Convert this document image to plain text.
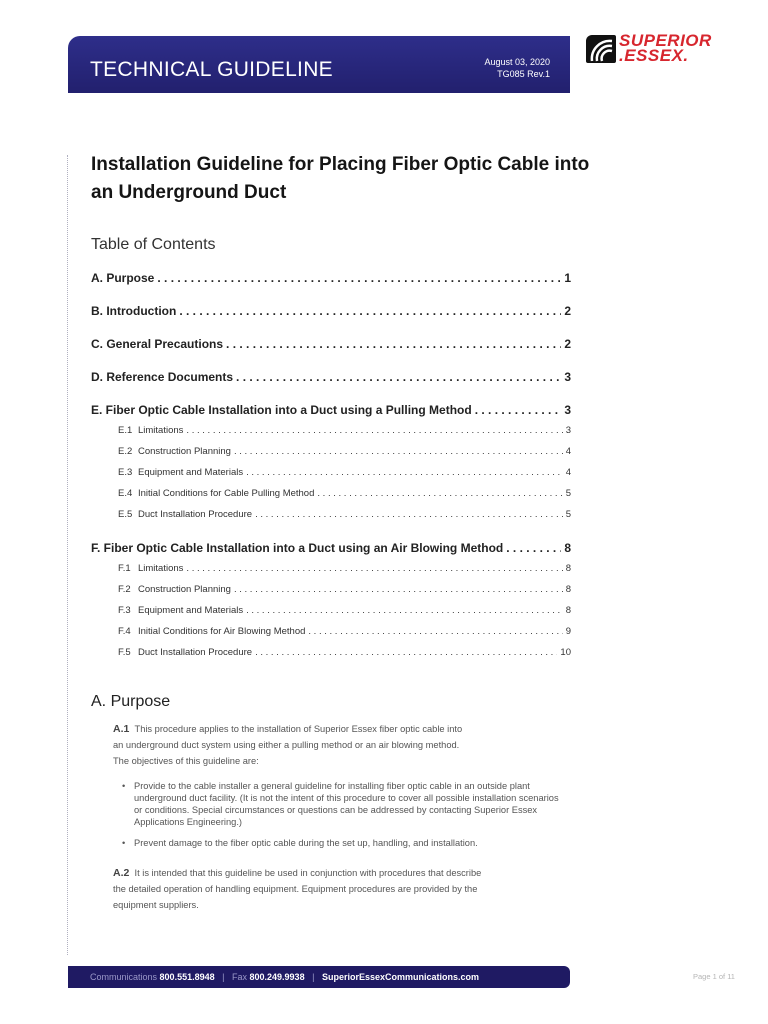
TECHNICAL GUIDELINE	August 03, 2020
TG085 Rev.1
SUPERIOR
.ESSEX.
Installation Guideline for Placing Fiber Optic Cable into an Underground Duct
Table of Contents
A. Purpose . . .	1
B. Introduction . . .	2
C. General Precautions . . .	2
D. Reference Documents . . .	3
E. Fiber Optic Cable Installation into a Duct using a Pulling Method . . .	3
E.1 Limitations . . .	3
E.2 Construction Planning . . .	4
E.3 Equipment and Materials . . .	4
E.4 Initial Conditions for Cable Pulling Method . . .	5
E.5 Duct Installation Procedure . . .	5
F. Fiber Optic Cable Installation into a Duct using an Air Blowing Method . . .	8
F.1 Limitations . . .	8
F.2 Construction Planning . . .	8
F.3 Equipment and Materials . . .	8
F.4 Initial Conditions for Air Blowing Method . . .	9
F.5 Duct Installation Procedure . . .	10
A. Purpose
A.1 This procedure applies to the installation of Superior Essex fiber optic cable into
an underground duct system using either a pulling method or an air blowing method.
The objectives of this guideline are:
• Provide to the cable installer a general guideline for installing fiber optic cable in an outside plant underground duct facility. (It is not the intent of this procedure to cover all possible installation scenarios or conditions. Special circumstances or questions can be addressed by contacting Superior Essex Applications Engineering.)
• Prevent damage to the fiber optic cable during the set up, handling, and installation.
A.2 It is intended that this guideline be used in conjunction with procedures that describe
the detailed operation of handling equipment. Equipment procedures are provided by the
equipment suppliers.
Communications 800.551.8948 | Fax 800.249.9938 | SuperiorEssexCommunications.com	Page 1 of 11
